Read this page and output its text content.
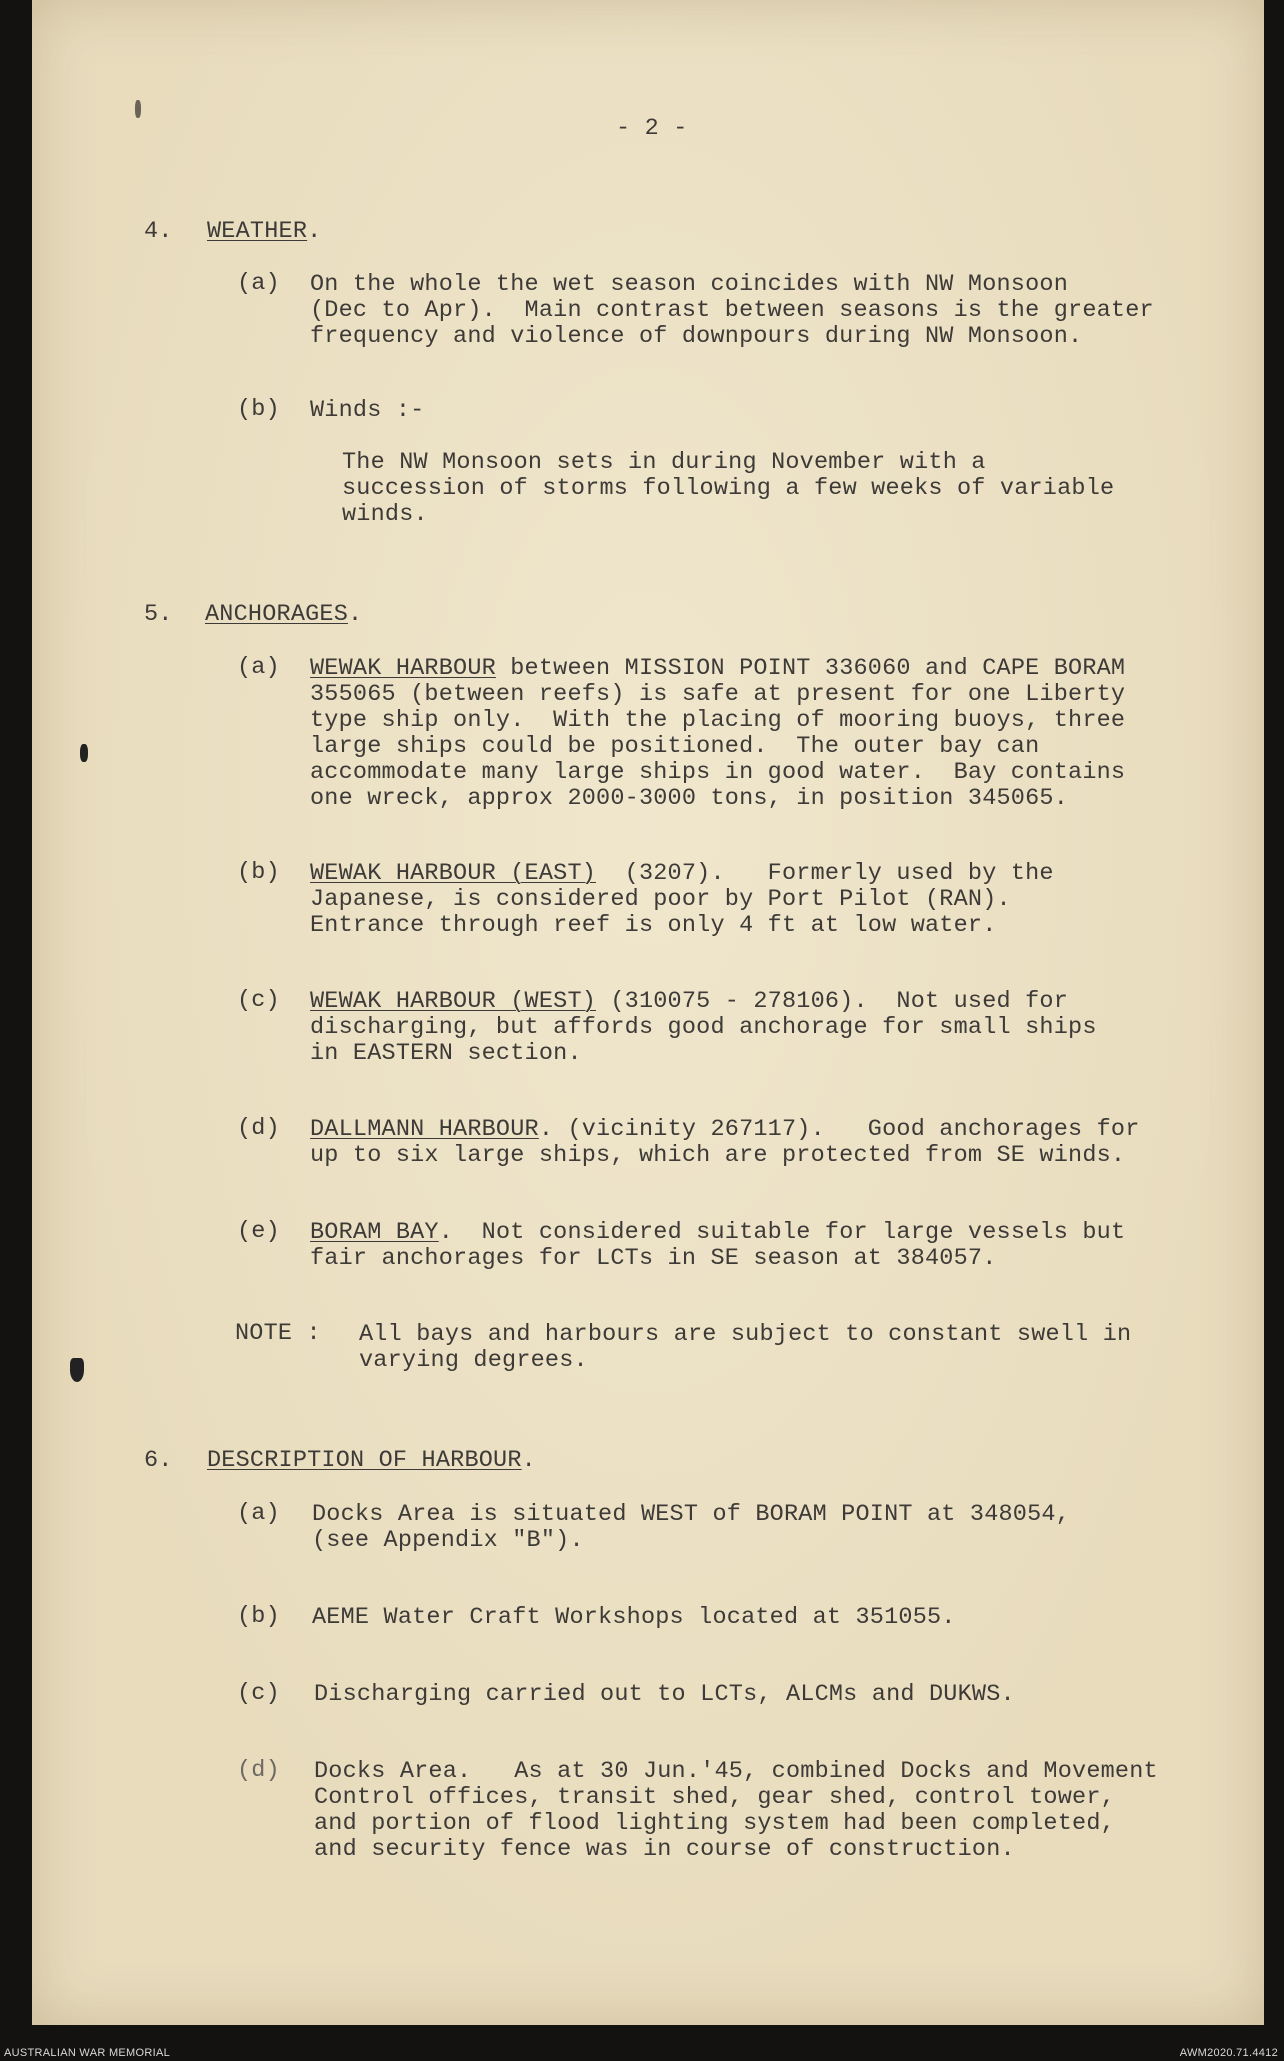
- 2 -
4. WEATHER.
(a) On the whole the wet season coincides with NW Monsoon
(Dec to Apr).  Main contrast between seasons is the greater
frequency and violence of downpours during NW Monsoon.
(b) Winds :-
The NW Monsoon sets in during November with a
succession of storms following a few weeks of variable
winds.
5. ANCHORAGES.
(a) WEWAK HARBOUR between MISSION POINT 336060 and CAPE BORAM
355065 (between reefs) is safe at present for one Liberty
type ship only.  With the placing of mooring buoys, three
large ships could be positioned.  The outer bay can
accommodate many large ships in good water.  Bay contains
one wreck, approx 2000-3000 tons, in position 345065.
(b) WEWAK HARBOUR (EAST)  (3207).   Formerly used by the
Japanese, is considered poor by Port Pilot (RAN).
Entrance through reef is only 4 ft at low water.
(c) WEWAK HARBOUR (WEST) (310075 - 278106).  Not used for
discharging, but affords good anchorage for small ships
in EASTERN section.
(d) DALLMANN HARBOUR. (vicinity 267117).   Good anchorages for
up to six large ships, which are protected from SE winds.
(e) BORAM BAY.  Not considered suitable for large vessels but
fair anchorages for LCTs in SE season at 384057.
NOTE : All bays and harbours are subject to constant swell in
varying degrees.
6. DESCRIPTION OF HARBOUR.
(a) Docks Area is situated WEST of BORAM POINT at 348054,
(see Appendix "B").
(b) AEME Water Craft Workshops located at 351055.
(c) Discharging carried out to LCTs, ALCMs and DUKWS.
(d) Docks Area.   As at 30 Jun.'45, combined Docks and Movement
Control offices, transit shed, gear shed, control tower,
and portion of flood lighting system had been completed,
and security fence was in course of construction.
AUSTRALIAN WAR MEMORIAL	AWM2020.71.4412
